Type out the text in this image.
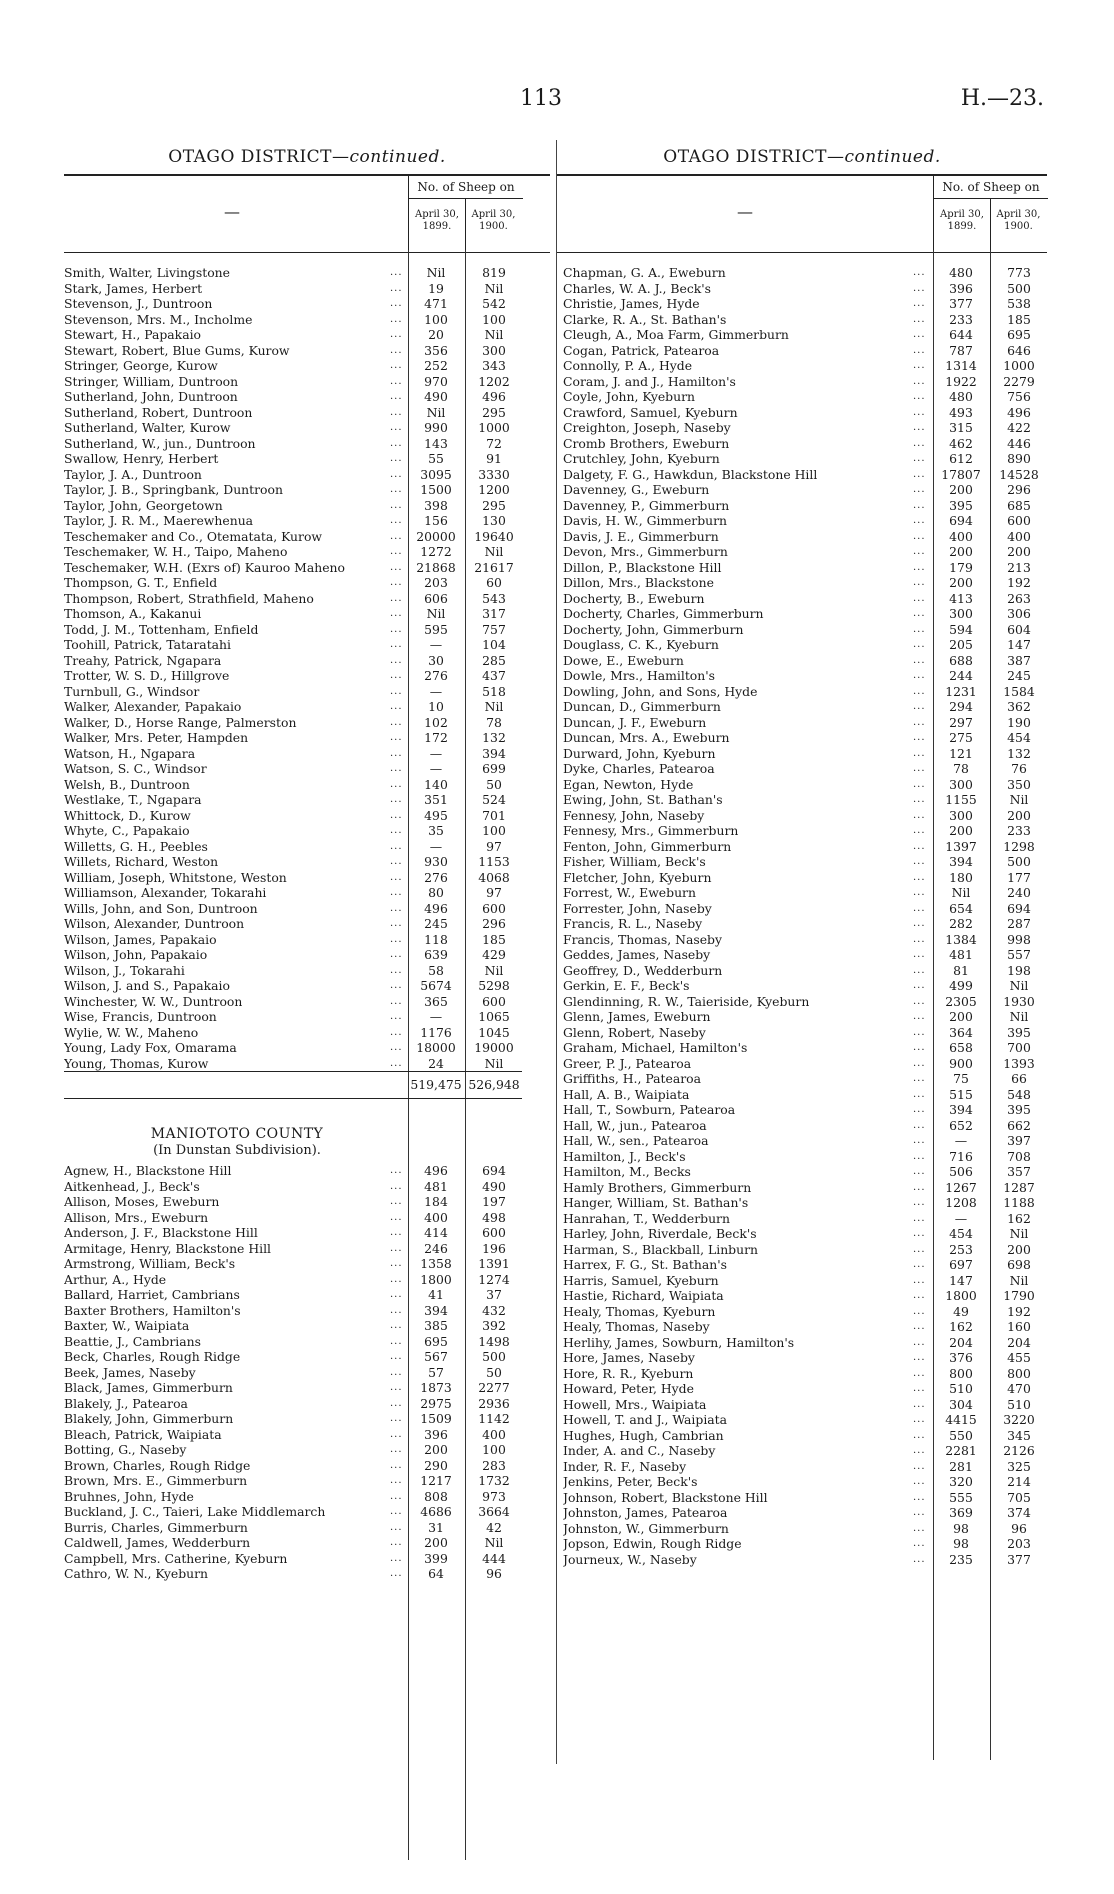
113	H.—23.
OTAGO DISTRICT—continued.
—
No. of Sheep on
April 30, 1899.
April 30, 1900.
Smith, Walter, Livingstone	...	Nil	819
Stark, James, Herbert	...	19	Nil
Stevenson, J., Duntroon	...	471	542
Stevenson, Mrs. M., Incholme	...	100	100
Stewart, H., Papakaio	...	20	Nil
Stewart, Robert, Blue Gums, Kurow	...	356	300
Stringer, George, Kurow	...	252	343
Stringer, William, Duntroon	...	970	1202
Sutherland, John, Duntroon	...	490	496
Sutherland, Robert, Duntroon	...	Nil	295
Sutherland, Walter, Kurow	...	990	1000
Sutherland, W., jun., Duntroon	...	143	72
Swallow, Henry, Herbert	...	55	91
Taylor, J. A., Duntroon	...	3095	3330
Taylor, J. B., Springbank, Duntroon	...	1500	1200
Taylor, John, Georgetown	...	398	295
Taylor, J. R. M., Maerewhenua	...	156	130
Teschemaker and Co., Otematata, Kurow	...	20000	19640
Teschemaker, W. H., Taipo, Maheno	...	1272	Nil
Teschemaker, W.H. (Exrs of) Kauroo Maheno	...	21868	21617
Thompson, G. T., Enfield	...	203	60
Thompson, Robert, Strathfield, Maheno	...	606	543
Thomson, A., Kakanui	...	Nil	317
Todd, J. M., Tottenham, Enfield	...	595	757
Toohill, Patrick, Tataratahi	...	—	104
Treahy, Patrick, Ngapara	...	30	285
Trotter, W. S. D., Hillgrove	...	276	437
Turnbull, G., Windsor	...	—	518
Walker, Alexander, Papakaio	...	10	Nil
Walker, D., Horse Range, Palmerston	...	102	78
Walker, Mrs. Peter, Hampden	...	172	132
Watson, H., Ngapara	...	—	394
Watson, S. C., Windsor	...	—	699
Welsh, B., Duntroon	...	140	50
Westlake, T., Ngapara	...	351	524
Whittock, D., Kurow	...	495	701
Whyte, C., Papakaio	...	35	100
Willetts, G. H., Peebles	...	—	97
Willets, Richard, Weston	...	930	1153
William, Joseph, Whitstone, Weston	...	276	4068
Williamson, Alexander, Tokarahi	...	80	97
Wills, John, and Son, Duntroon	...	496	600
Wilson, Alexander, Duntroon	...	245	296
Wilson, James, Papakaio	...	118	185
Wilson, John, Papakaio	...	639	429
Wilson, J., Tokarahi	...	58	Nil
Wilson, J. and S., Papakaio	...	5674	5298
Winchester, W. W., Duntroon	...	365	600
Wise, Francis, Duntroon	...	—	1065
Wylie, W. W., Maheno	...	1176	1045
Young, Lady Fox, Omarama	...	18000	19000
Young, Thomas, Kurow	...	24	Nil
519,475 526,948
MANIOTOTO COUNTY
(In Dunstan Subdivision).
Agnew, H., Blackstone Hill	...	496	694
Aitkenhead, J., Beck's	...	481	490
Allison, Moses, Eweburn	...	184	197
Allison, Mrs., Eweburn	...	400	498
Anderson, J. F., Blackstone Hill	...	414	600
Armitage, Henry, Blackstone Hill	...	246	196
Armstrong, William, Beck's	...	1358	1391
Arthur, A., Hyde	...	1800	1274
Ballard, Harriet, Cambrians	...	41	37
Baxter Brothers, Hamilton's	...	394	432
Baxter, W., Waipiata	...	385	392
Beattie, J., Cambrians	...	695	1498
Beck, Charles, Rough Ridge	...	567	500
Beek, James, Naseby	...	57	50
Black, James, Gimmerburn	...	1873	2277
Blakely, J., Patearoa	...	2975	2936
Blakely, John, Gimmerburn	...	1509	1142
Bleach, Patrick, Waipiata	...	396	400
Botting, G., Naseby	...	200	100
Brown, Charles, Rough Ridge	...	290	283
Brown, Mrs. E., Gimmerburn	...	1217	1732
Bruhnes, John, Hyde	...	808	973
Buckland, J. C., Taieri, Lake Middlemarch	...	4686	3664
Burris, Charles, Gimmerburn	...	31	42
Caldwell, James, Wedderburn	...	200	Nil
Campbell, Mrs. Catherine, Kyeburn	...	399	444
Cathro, W. N., Kyeburn	...	64	96
OTAGO DISTRICT—continued.
—
No. of Sheep on
April 30, 1899.
April 30, 1900.
Chapman, G. A., Eweburn	...	480	773
Charles, W. A. J., Beck's	...	396	500
Christie, James, Hyde	...	377	538
Clarke, R. A., St. Bathan's	...	233	185
Cleugh, A., Moa Farm, Gimmerburn	...	644	695
Cogan, Patrick, Patearoa	...	787	646
Connolly, P. A., Hyde	...	1314	1000
Coram, J. and J., Hamilton's	...	1922	2279
Coyle, John, Kyeburn	...	480	756
Crawford, Samuel, Kyeburn	...	493	496
Creighton, Joseph, Naseby	...	315	422
Cromb Brothers, Eweburn	...	462	446
Crutchley, John, Kyeburn	...	612	890
Dalgety, F. G., Hawkdun, Blackstone Hill	...	17807	14528
Davenney, G., Eweburn	...	200	296
Davenney, P., Gimmerburn	...	395	685
Davis, H. W., Gimmerburn	...	694	600
Davis, J. E., Gimmerburn	...	400	400
Devon, Mrs., Gimmerburn	...	200	200
Dillon, P., Blackstone Hill	...	179	213
Dillon, Mrs., Blackstone	...	200	192
Docherty, B., Eweburn	...	413	263
Docherty, Charles, Gimmerburn	...	300	306
Docherty, John, Gimmerburn	...	594	604
Douglass, C. K., Kyeburn	...	205	147
Dowe, E., Eweburn	...	688	387
Dowle, Mrs., Hamilton's	...	244	245
Dowling, John, and Sons, Hyde	...	1231	1584
Duncan, D., Gimmerburn	...	294	362
Duncan, J. F., Eweburn	...	297	190
Duncan, Mrs. A., Eweburn	...	275	454
Durward, John, Kyeburn	...	121	132
Dyke, Charles, Patearoa	...	78	76
Egan, Newton, Hyde	...	300	350
Ewing, John, St. Bathan's	...	1155	Nil
Fennesy, John, Naseby	...	300	200
Fennesy, Mrs., Gimmerburn	...	200	233
Fenton, John, Gimmerburn	...	1397	1298
Fisher, William, Beck's	...	394	500
Fletcher, John, Kyeburn	...	180	177
Forrest, W., Eweburn	...	Nil	240
Forrester, John, Naseby	...	654	694
Francis, R. L., Naseby	...	282	287
Francis, Thomas, Naseby	...	1384	998
Geddes, James, Naseby	...	481	557
Geoffrey, D., Wedderburn	...	81	198
Gerkin, E. F., Beck's	...	499	Nil
Glendinning, R. W., Taieriside, Kyeburn	...	2305	1930
Glenn, James, Eweburn	...	200	Nil
Glenn, Robert, Naseby	...	364	395
Graham, Michael, Hamilton's	...	658	700
Greer, P. J., Patearoa	...	900	1393
Griffiths, H., Patearoa	...	75	66
Hall, A. B., Waipiata	...	515	548
Hall, T., Sowburn, Patearoa	...	394	395
Hall, W., jun., Patearoa	...	652	662
Hall, W., sen., Patearoa	...	—	397
Hamilton, J., Beck's	...	716	708
Hamilton, M., Becks	...	506	357
Hamly Brothers, Gimmerburn	...	1267	1287
Hanger, William, St. Bathan's	...	1208	1188
Hanrahan, T., Wedderburn	...	—	162
Harley, John, Riverdale, Beck's	...	454	Nil
Harman, S., Blackball, Linburn	...	253	200
Harrex, F. G., St. Bathan's	...	697	698
Harris, Samuel, Kyeburn	...	147	Nil
Hastie, Richard, Waipiata	...	1800	1790
Healy, Thomas, Kyeburn	...	49	192
Healy, Thomas, Naseby	...	162	160
Herlihy, James, Sowburn, Hamilton's	...	204	204
Hore, James, Naseby	...	376	455
Hore, R. R., Kyeburn	...	800	800
Howard, Peter, Hyde	...	510	470
Howell, Mrs., Waipiata	...	304	510
Howell, T. and J., Waipiata	...	4415	3220
Hughes, Hugh, Cambrian	...	550	345
Inder, A. and C., Naseby	...	2281	2126
Inder, R. F., Naseby	...	281	325
Jenkins, Peter, Beck's	...	320	214
Johnson, Robert, Blackstone Hill	...	555	705
Johnston, James, Patearoa	...	369	374
Johnston, W., Gimmerburn	...	98	96
Jopson, Edwin, Rough Ridge	...	98	203
Journeux, W., Naseby	...	235	377
